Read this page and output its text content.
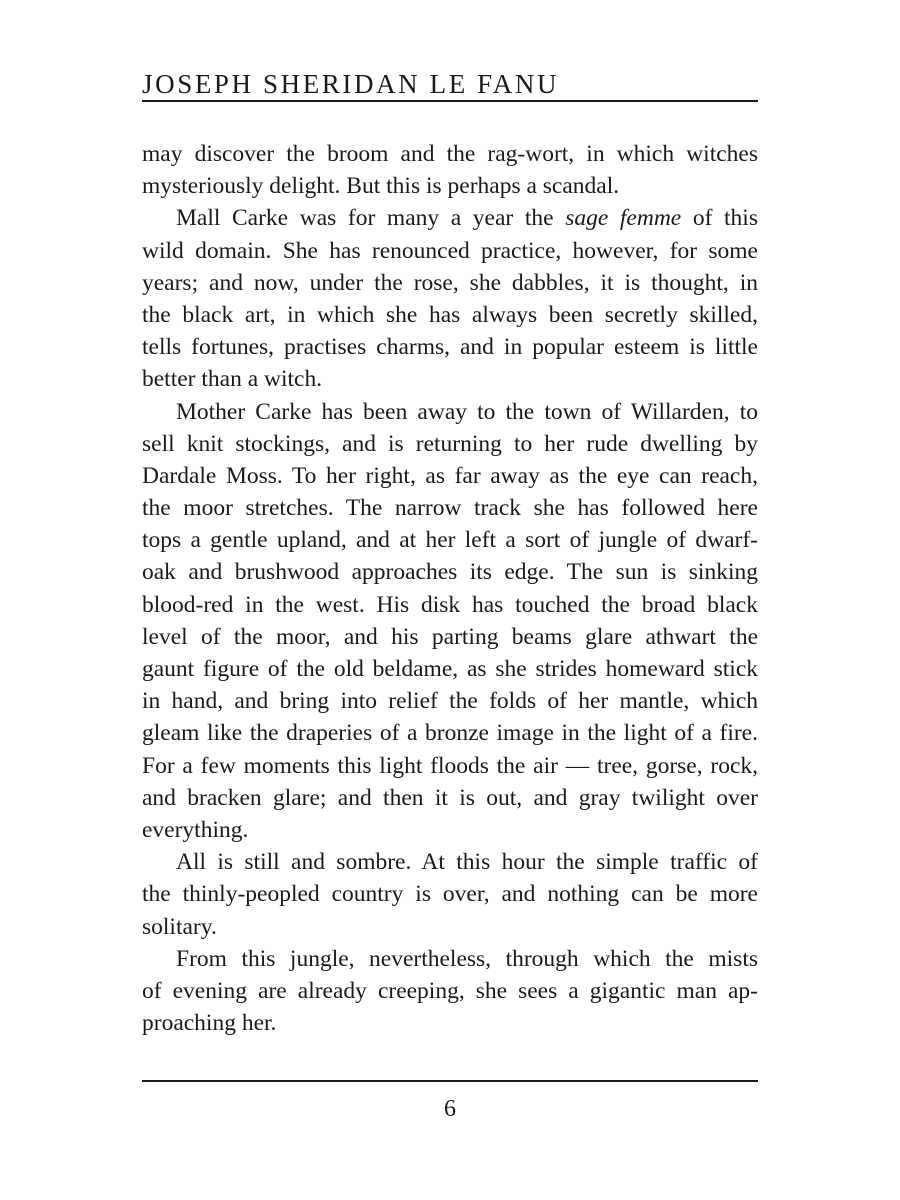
JOSEPH SHERIDAN LE FANU
may discover the broom and the rag-wort, in which witches
mysteriously delight. But this is perhaps a scandal.
Mall Carke was for many a year the sage femme of this
wild domain. She has renounced practice, however, for some
years; and now, under the rose, she dabbles, it is thought, in
the black art, in which she has always been secretly skilled,
tells fortunes, practises charms, and in popular esteem is little
better than a witch.
Mother Carke has been away to the town of Willarden, to
sell knit stockings, and is returning to her rude dwelling by
Dardale Moss. To her right, as far away as the eye can reach,
the moor stretches. The narrow track she has followed here
tops a gentle upland, and at her left a sort of jungle of dwarf-
oak and brushwood approaches its edge. The sun is sinking
blood-red in the west. His disk has touched the broad black
level of the moor, and his parting beams glare athwart the
gaunt figure of the old beldame, as she strides homeward stick
in hand, and bring into relief the folds of her mantle, which
gleam like the draperies of a bronze image in the light of a fire.
For a few moments this light floods the air — tree, gorse, rock,
and bracken glare; and then it is out, and gray twilight over
everything.
All is still and sombre. At this hour the simple traffic of
the thinly-peopled country is over, and nothing can be more
solitary.
From this jungle, nevertheless, through which the mists
of evening are already creeping, she sees a gigantic man ap-
proaching her.
6
